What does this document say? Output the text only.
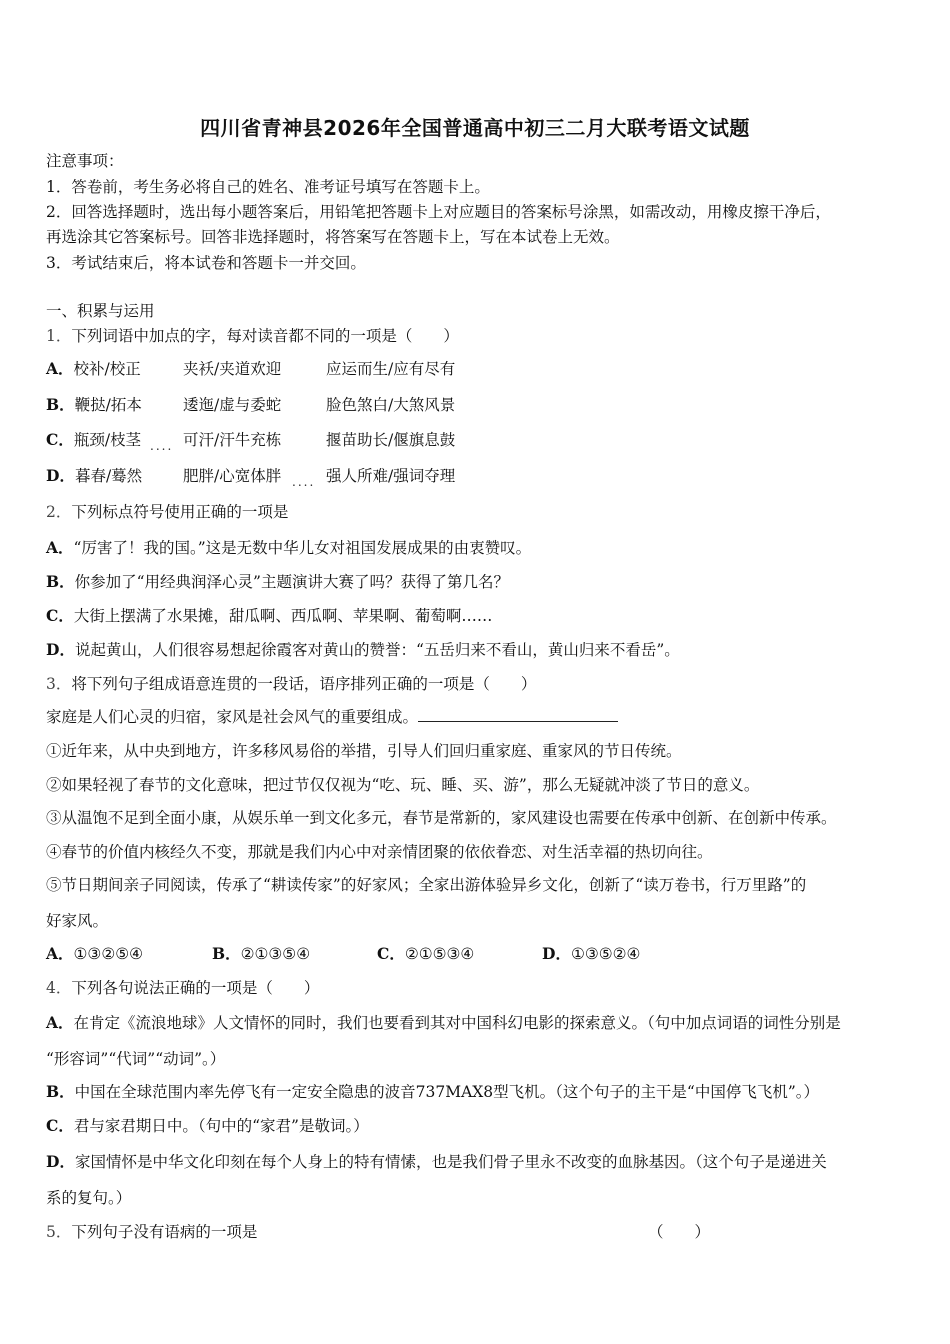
四川省青神县2026年全国普通高中初三二月大联考语文试题
注意事项：
1．答卷前，考生务必将自己的姓名、准考证号填写在答题卡上。
2．回答选择题时，选出每小题答案后，用铅笔把答题卡上对应题目的答案标号涂黑，如需改动，用橡皮擦干净后，
再选涂其它答案标号。回答非选择题时，将答案写在答题卡上，写在本试卷上无效。
3．考试结束后，将本试卷和答题卡一并交回。
一、积累与运用
1．下列词语中加点的字，每对读音都不同的一项是（　　）
A．校补/校正	夹袄/夹道欢迎	应运而生/应有尽有
B．鞭挞/拓本	逶迤/虚与委蛇	脸色煞白/大煞风景
C．瓶颈/枝茎 .... 可汗/汗牛充栋	揠苗助长/偃旗息鼓
D．暮春/蓦然	肥胖/心宽体胖 .... 强人所难/强词夺理
2．下列标点符号使用正确的一项是
A．“厉害了！我的国。”这是无数中华儿女对祖国发展成果的由衷赞叹。
B．你参加了“用经典润泽心灵”主题演讲大赛了吗？获得了第几名？
C．大街上摆满了水果摊，甜瓜啊、西瓜啊、苹果啊、葡萄啊……
D．说起黄山，人们很容易想起徐霞客对黄山的赞誉：“五岳归来不看山，黄山归来不看岳”。
3．将下列句子组成语意连贯的一段话，语序排列正确的一项是（　　）
家庭是人们心灵的归宿，家风是社会风气的重要组成。
①近年来，从中央到地方，许多移风易俗的举措，引导人们回归重家庭、重家风的节日传统。
②如果轻视了春节的文化意味，把过节仅仅视为“吃、玩、睡、买、游”，那么无疑就冲淡了节日的意义。
③从温饱不足到全面小康，从娱乐单一到文化多元，春节是常新的，家风建设也需要在传承中创新、在创新中传承。
④春节的价值内核经久不变，那就是我们内心中对亲情团聚的依依眷恋、对生活幸福的热切向往。
⑤节日期间亲子同阅读，传承了“耕读传家”的好家风；全家出游体验异乡文化，创新了“读万卷书，行万里路”的
好家风。
A．①③②⑤④	B．②①③⑤④	C．②①⑤③④	D．①③⑤②④
4．下列各句说法正确的一项是（　　）
A．在肯定《流浪地球》人文情怀的同时，我们也要看到其对中国科幻电影的探索意义。（句中加点词语的词性分别是
“形容词”“代词”“动词”。）
B．中国在全球范围内率先停飞有一定安全隐患的波音737MAX8型飞机。（这个句子的主干是“中国停飞飞机”。）
C．君与家君期日中。（句中的“家君”是敬词。）
D．家国情怀是中华文化印刻在每个人身上的特有情愫，也是我们骨子里永不改变的血脉基因。（这个句子是递进关
系的复句。）
5．下列句子没有语病的一项是	（　　）
